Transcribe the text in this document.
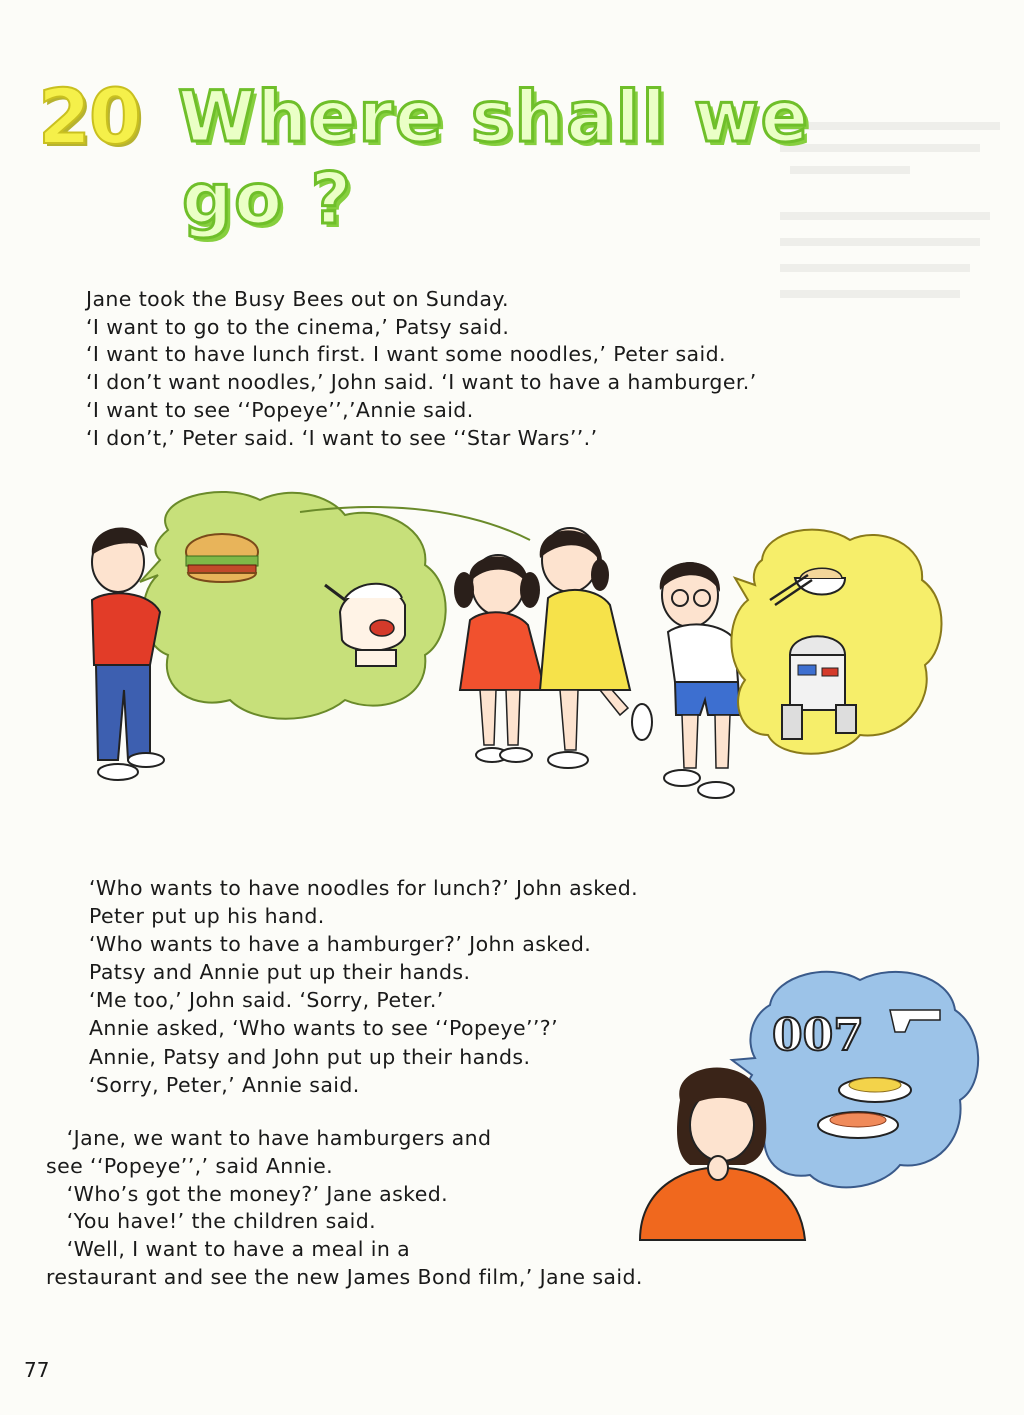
20 Where shall we
go ?
Jane took the Busy Bees out on Sunday.
‘I want to go to the cinema,’ Patsy said.
‘I want to have lunch first. I want some noodles,’ Peter said.
‘I don’t want noodles,’ John said. ‘I want to have a hamburger.’
‘I want to see ‘‘Popeye’’,’Annie said.
‘I don’t,’ Peter said. ‘I want to see ‘‘Star Wars’’.’
007
‘Who wants to have noodles for lunch?’ John asked.
Peter put up his hand.
‘Who wants to have a hamburger?’ John asked.
Patsy and Annie put up their hands.
‘Me too,’ John said. ‘Sorry, Peter.’
Annie asked, ‘Who wants to see ‘‘Popeye’’?’
Annie, Patsy and John put up their hands.
‘Sorry, Peter,’ Annie said.
‘Jane, we want to have hamburgers and
see ‘‘Popeye’’,’ said Annie.
‘Who’s got the money?’ Jane asked.
‘You have!’ the children said.
‘Well, I want to have a meal in a
restaurant and see the new James Bond film,’ Jane said.
77
